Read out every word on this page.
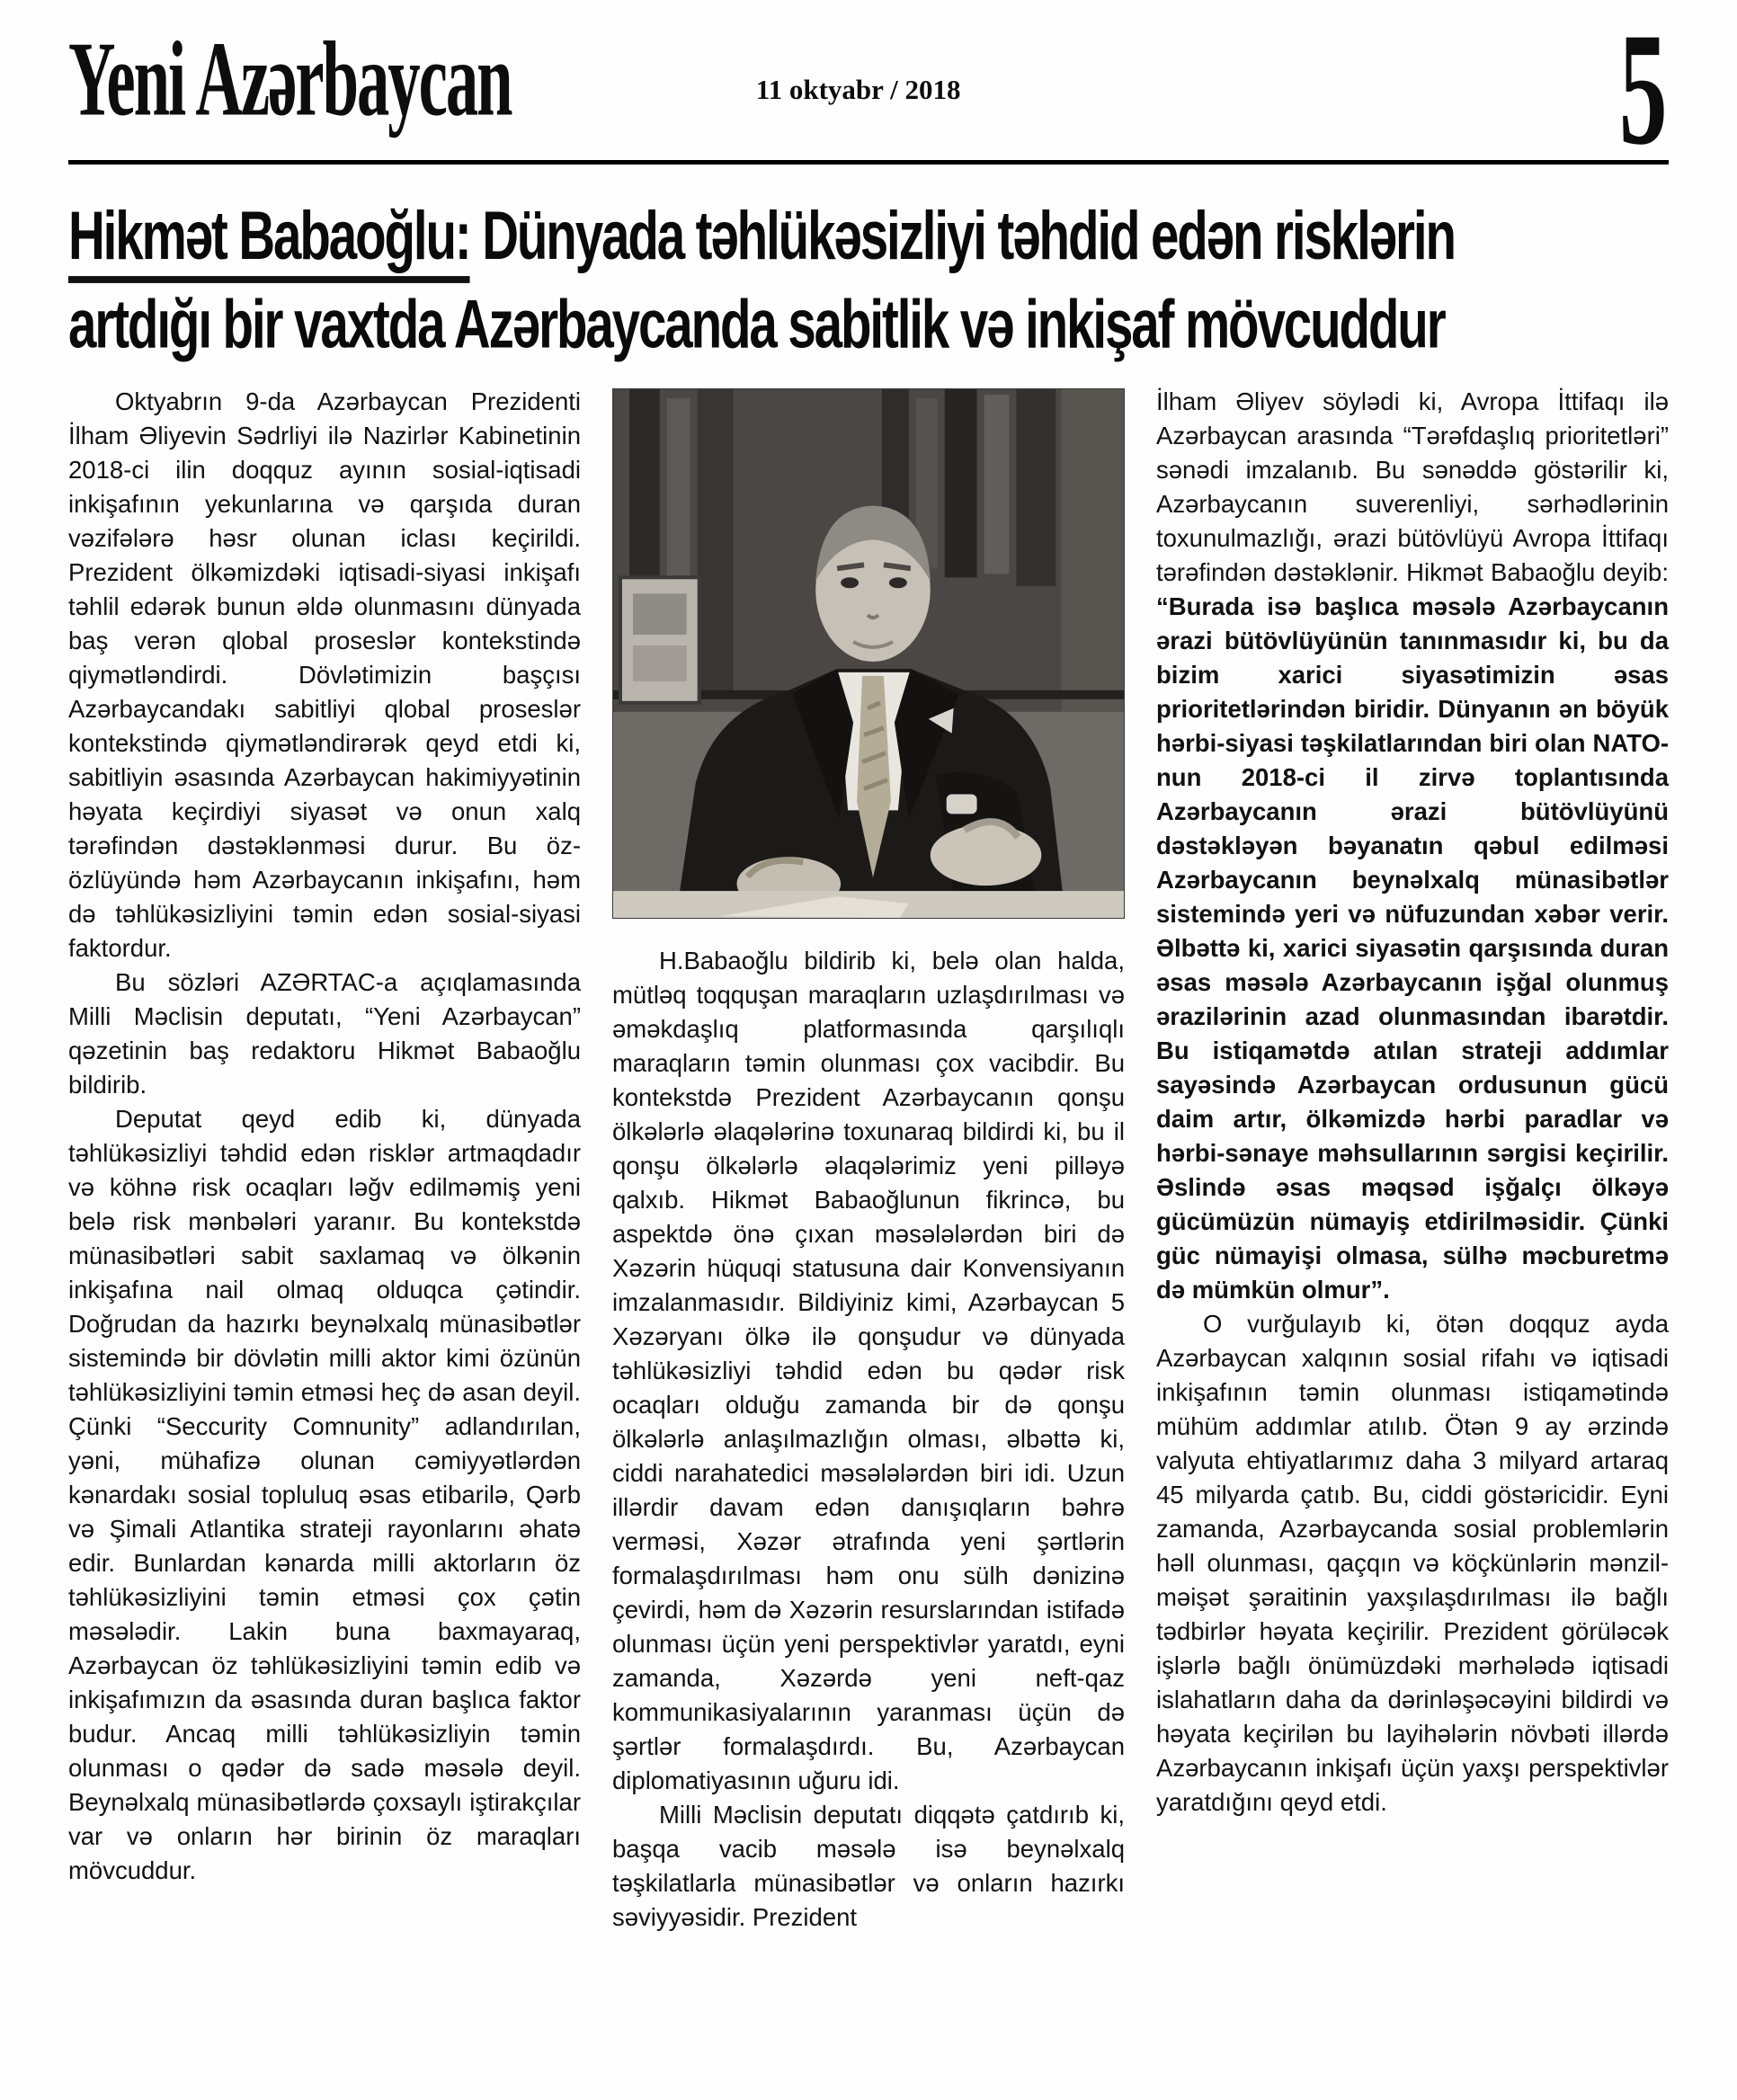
Yeni Azərbaycan	11 oktyabr / 2018	5
Hikmət Babaoğlu: Dünyada təhlükəsizliyi təhdid edən risklərin
artdığı bir vaxtda Azərbaycanda sabitlik və inkişaf mövcuddur

Oktyabrın 9-da Azərbaycan Prezidenti İlham Əliyevin Sədrliyi ilə Nazirlər Kabinetinin 2018-ci ilin doqquz ayının sosial-iqtisadi inkişafının yekunlarına və qarşıda duran vəzifələrə həsr olunan iclası keçirildi. Prezident ölkəmizdəki iqtisadi-siyasi inkişafı təhlil edərək bunun əldə olunmasını dünyada baş verən qlobal proseslər kontekstində qiymətləndirdi. Dövlətimizin başçısı Azərbaycandakı sabitliyi qlobal proseslər kontekstində qiymətləndirərək qeyd etdi ki, sabitliyin əsasında Azərbaycan hakimiyyətinin həyata keçirdiyi siyasət və onun xalq tərəfindən dəstəklənməsi durur. Bu öz-özlüyündə həm Azərbaycanın inkişafını, həm də təhlükəsizliyini təmin edən sosial-siyasi faktordur.

Bu sözləri AZƏRTAC-a açıqlamasında Milli Məclisin deputatı, “Yeni Azərbaycan” qəzetinin baş redaktoru Hikmət Babaoğlu bildirib.

Deputat qeyd edib ki, dünyada təhlükəsizliyi təhdid edən risklər artmaqdadır və köhnə risk ocaqları ləğv edilməmiş yeni belə risk mənbələri yaranır. Bu kontekstdə münasibətləri sabit saxlamaq və ölkənin inkişafına nail olmaq olduqca çətindir. Doğrudan da hazırkı beynəlxalq münasibətlər sistemində bir dövlətin milli aktor kimi özünün təhlükəsizliyini təmin etməsi heç də asan deyil. Çünki “Seccurity Comnunity” adlandırılan, yəni, mühafizə olunan cəmiyyətlərdən kənardakı sosial topluluq əsas etibarilə, Qərb və Şimali Atlantika strateji rayonlarını əhatə edir. Bunlardan kənarda milli aktorların öz təhlükəsizliyini təmin etməsi çox çətin məsələdir. Lakin buna baxmayaraq, Azərbaycan öz təhlükəsizliyini təmin edib və inkişafımızın da əsasında duran başlıca faktor budur. Ancaq milli təhlükəsizliyin təmin olunması o qədər də sadə məsələ deyil. Beynəlxalq münasibətlərdə çoxsaylı iştirakçılar var və onların hər birinin öz maraqları mövcuddur.

H.Babaoğlu bildirib ki, belə olan halda, mütləq toqquşan maraqların uzlaşdırılması və əməkdaşlıq platformasında qarşılıqlı maraqların təmin olunması çox vacibdir. Bu kontekstdə Prezident Azərbaycanın qonşu ölkələrlə əlaqələrinə toxunaraq bildirdi ki, bu il qonşu ölkələrlə əlaqələrimiz yeni pilləyə qalxıb. Hikmət Babaoğlunun fikrincə, bu aspektdə önə çıxan məsələlərdən biri də Xəzərin hüquqi statusuna dair Konvensiyanın imzalanmasıdır. Bildiyiniz kimi, Azərbaycan 5 Xəzəryanı ölkə ilə qonşudur və dünyada təhlükəsizliyi təhdid edən bu qədər risk ocaqları olduğu zamanda bir də qonşu ölkələrlə anlaşılmazlığın olması, əlbəttə ki, ciddi narahatedici məsələlərdən biri idi. Uzun illərdir davam edən danışıqların bəhrə verməsi, Xəzər ətrafında yeni şərtlərin formalaşdırılması həm onu sülh dənizinə çevirdi, həm də Xəzərin resurslarından istifadə olunması üçün yeni perspektivlər yaratdı, eyni zamanda, Xəzərdə yeni neft-qaz kommunikasiyalarının yaranması üçün də şərtlər formalaşdırdı. Bu, Azərbaycan diplomatiyasının uğuru idi.

Milli Məclisin deputatı diqqətə çatdırıb ki, başqa vacib məsələ isə beynəlxalq təşkilatlarla münasibətlər və onların hazırkı səviyyəsidir. Prezident

İlham Əliyev söylədi ki, Avropa İttifaqı ilə Azərbaycan arasında “Tərəfdaşlıq prioritetləri” sənədi imzalanıb. Bu sənəddə göstərilir ki, Azərbaycanın suverenliyi, sərhədlərinin toxunulmazlığı, ərazi bütövlüyü Avropa İttifaqı tərəfindən dəstəklənir. Hikmət Babaoğlu deyib: “Burada isə başlıca məsələ Azərbaycanın ərazi bütövlüyünün tanınmasıdır ki, bu da bizim xarici siyasətimizin əsas prioritetlərindən biridir. Dünyanın ən böyük hərbi-siyasi təşkilatlarından biri olan NATO-nun 2018-ci il zirvə toplantısında Azərbaycanın ərazi bütövlüyünü dəstəkləyən bəyanatın qəbul edilməsi Azərbaycanın beynəlxalq münasibətlər sistemində yeri və nüfuzundan xəbər verir. Əlbəttə ki, xarici siyasətin qarşısında duran əsas məsələ Azərbaycanın işğal olunmuş ərazilərinin azad olunmasından ibarətdir. Bu istiqamətdə atılan strateji addımlar sayəsində Azərbaycan ordusunun gücü daim artır, ölkəmizdə hərbi paradlar və hərbi-sənaye məhsullarının sərgisi keçirilir. Əslində əsas məqsəd işğalçı ölkəyə gücümüzün nümayiş etdirilməsidir. Çünki güc nümayişi olmasa, sülhə məcburetmə də mümkün olmur”.

O vurğulayıb ki, ötən doqquz ayda Azərbaycan xalqının sosial rifahı və iqtisadi inkişafının təmin olunması istiqamətində mühüm addımlar atılıb. Ötən 9 ay ərzində valyuta ehtiyatlarımız daha 3 milyard artaraq 45 milyarda çatıb. Bu, ciddi göstəricidir. Eyni zamanda, Azərbaycanda sosial problemlərin həll olunması, qaçqın və köçkünlərin mənzil-məişət şəraitinin yaxşılaşdırılması ilə bağlı tədbirlər həyata keçirilir. Prezident görüləcək işlərlə bağlı önümüzdəki mərhələdə iqtisadi islahatların daha da dərinləşəcəyini bildirdi və həyata keçirilən bu layihələrin növbəti illərdə Azərbaycanın inkişafı üçün yaxşı perspektivlər yaratdığını qeyd etdi.
